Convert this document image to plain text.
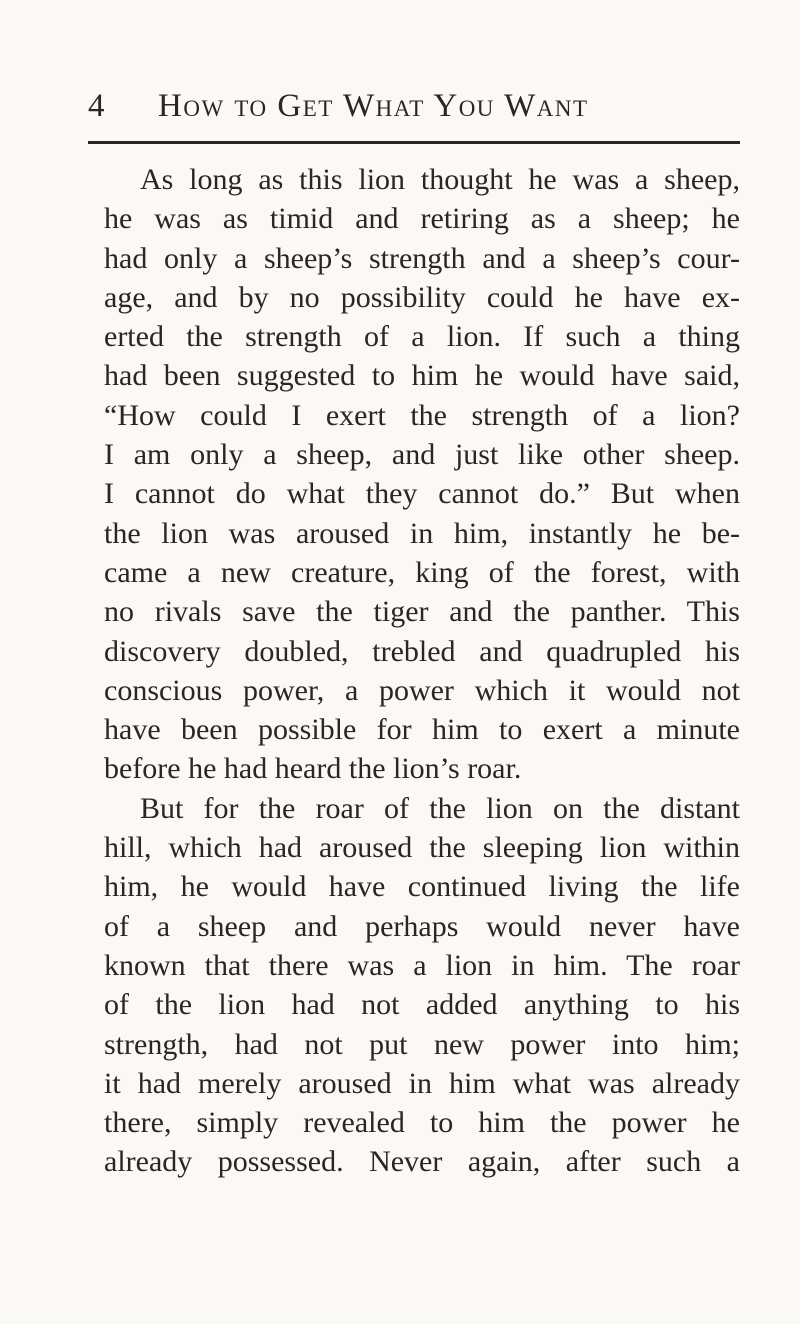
4 How to Get What You Want
As long as this lion thought he was a sheep,
he was as timid and retiring as a sheep; he
had only a sheep’s strength and a sheep’s cour-
age, and by no possibility could he have ex-
erted the strength of a lion. If such a thing
had been suggested to him he would have said,
“How could I exert the strength of a lion?
I am only a sheep, and just like other sheep.
I cannot do what they cannot do.” But when
the lion was aroused in him, instantly he be-
came a new creature, king of the forest, with
no rivals save the tiger and the panther. This
discovery doubled, trebled and quadrupled his
conscious power, a power which it would not
have been possible for him to exert a minute
before he had heard the lion’s roar.
But for the roar of the lion on the distant
hill, which had aroused the sleeping lion within
him, he would have continued living the life
of a sheep and perhaps would never have
known that there was a lion in him. The roar
of the lion had not added anything to his
strength, had not put new power into him;
it had merely aroused in him what was already
there, simply revealed to him the power he
already possessed. Never again, after such a
